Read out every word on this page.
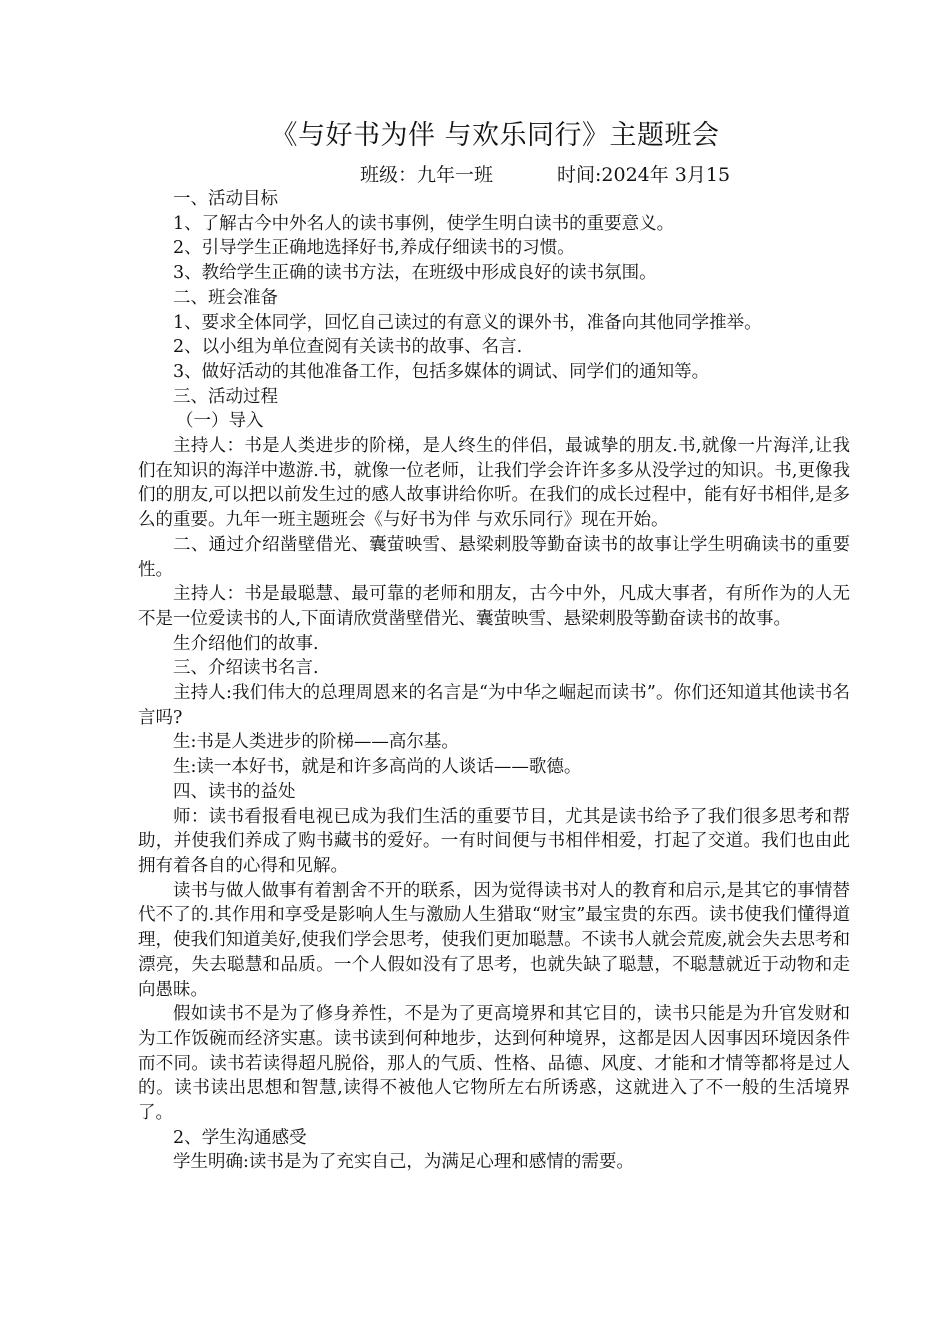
《与好书为伴 与欢乐同行》主题班会
班级：九年一班	时间:2024年 3月15

一、活动目标

1、了解古今中外名人的读书事例，使学生明白读书的重要意义。

2、引导学生正确地选择好书,养成仔细读书的习惯。

3、教给学生正确的读书方法，在班级中形成良好的读书氛围。

二、班会准备

1、要求全体同学，回忆自己读过的有意义的课外书，准备向其他同学推举。

2、以小组为单位查阅有关读书的故事、名言.

3、做好活动的其他准备工作，包括多媒体的调试、同学们的通知等。

三、活动过程

（一）导入

主持人：书是人类进步的阶梯，是人终生的伴侣，最诚挚的朋友.书,就像一片海洋,让我们在知识的海洋中遨游.书，就像一位老师，让我们学会许许多多从没学过的知识。书,更像我们的朋友,可以把以前发生过的感人故事讲给你听。在我们的成长过程中，能有好书相伴,是多么的重要。九年一班主题班会《与好书为伴 与欢乐同行》现在开始。

二、通过介绍凿壁借光、囊萤映雪、悬梁刺股等勤奋读书的故事让学生明确读书的重要性。

主持人：书是最聪慧、最可靠的老师和朋友，古今中外，凡成大事者，有所作为的人无不是一位爱读书的人,下面请欣赏凿壁借光、囊萤映雪、悬梁刺股等勤奋读书的故事。

生介绍他们的故事.

三、介绍读书名言.

主持人:我们伟大的总理周恩来的名言是“为中华之崛起而读书”。你们还知道其他读书名言吗?

生:书是人类进步的阶梯——高尔基。

生:读一本好书，就是和许多高尚的人谈话——歌德。

四、读书的益处

师：读书看报看电视已成为我们生活的重要节目，尤其是读书给予了我们很多思考和帮助，并使我们养成了购书藏书的爱好。一有时间便与书相伴相爱，打起了交道。我们也由此拥有着各自的心得和见解。

读书与做人做事有着割舍不开的联系，因为觉得读书对人的教育和启示,是其它的事情替代不了的.其作用和享受是影响人生与激励人生猎取“财宝”最宝贵的东西。读书使我们懂得道理，使我们知道美好,使我们学会思考，使我们更加聪慧。不读书人就会荒废,就会失去思考和漂亮，失去聪慧和品质。一个人假如没有了思考，也就失缺了聪慧，不聪慧就近于动物和走向愚昧。

假如读书不是为了修身养性，不是为了更高境界和其它目的，读书只能是为升官发财和为工作饭碗而经济实惠。读书读到何种地步，达到何种境界，这都是因人因事因环境因条件而不同。读书若读得超凡脱俗，那人的气质、性格、品德、风度、才能和才情等都将是过人的。读书读出思想和智慧,读得不被他人它物所左右所诱惑，这就进入了不一般的生活境界了。

2、学生沟通感受

学生明确:读书是为了充实自己，为满足心理和感情的需要。
